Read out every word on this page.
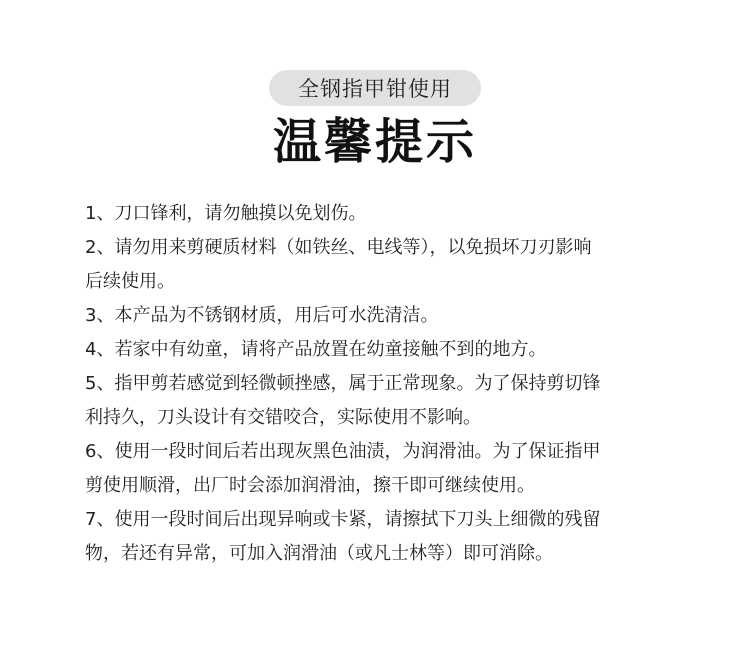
全钢指甲钳使用
温馨提示
1、刀口锋利，请勿触摸以免划伤。
2、请勿用来剪硬质材料（如铁丝、电线等），以免损坏刀刃影响
后续使用。
3、本产品为不锈钢材质，用后可水洗清洁。
4、若家中有幼童，请将产品放置在幼童接触不到的地方。
5、指甲剪若感觉到轻微顿挫感，属于正常现象。为了保持剪切锋
利持久，刀头设计有交错咬合，实际使用不影响。
6、使用一段时间后若出现灰黑色油渍，为润滑油。为了保证指甲
剪使用顺滑，出厂时会添加润滑油，擦干即可继续使用。
7、使用一段时间后出现异响或卡紧，请擦拭下刀头上细微的残留
物，若还有异常，可加入润滑油（或凡士林等）即可消除。
